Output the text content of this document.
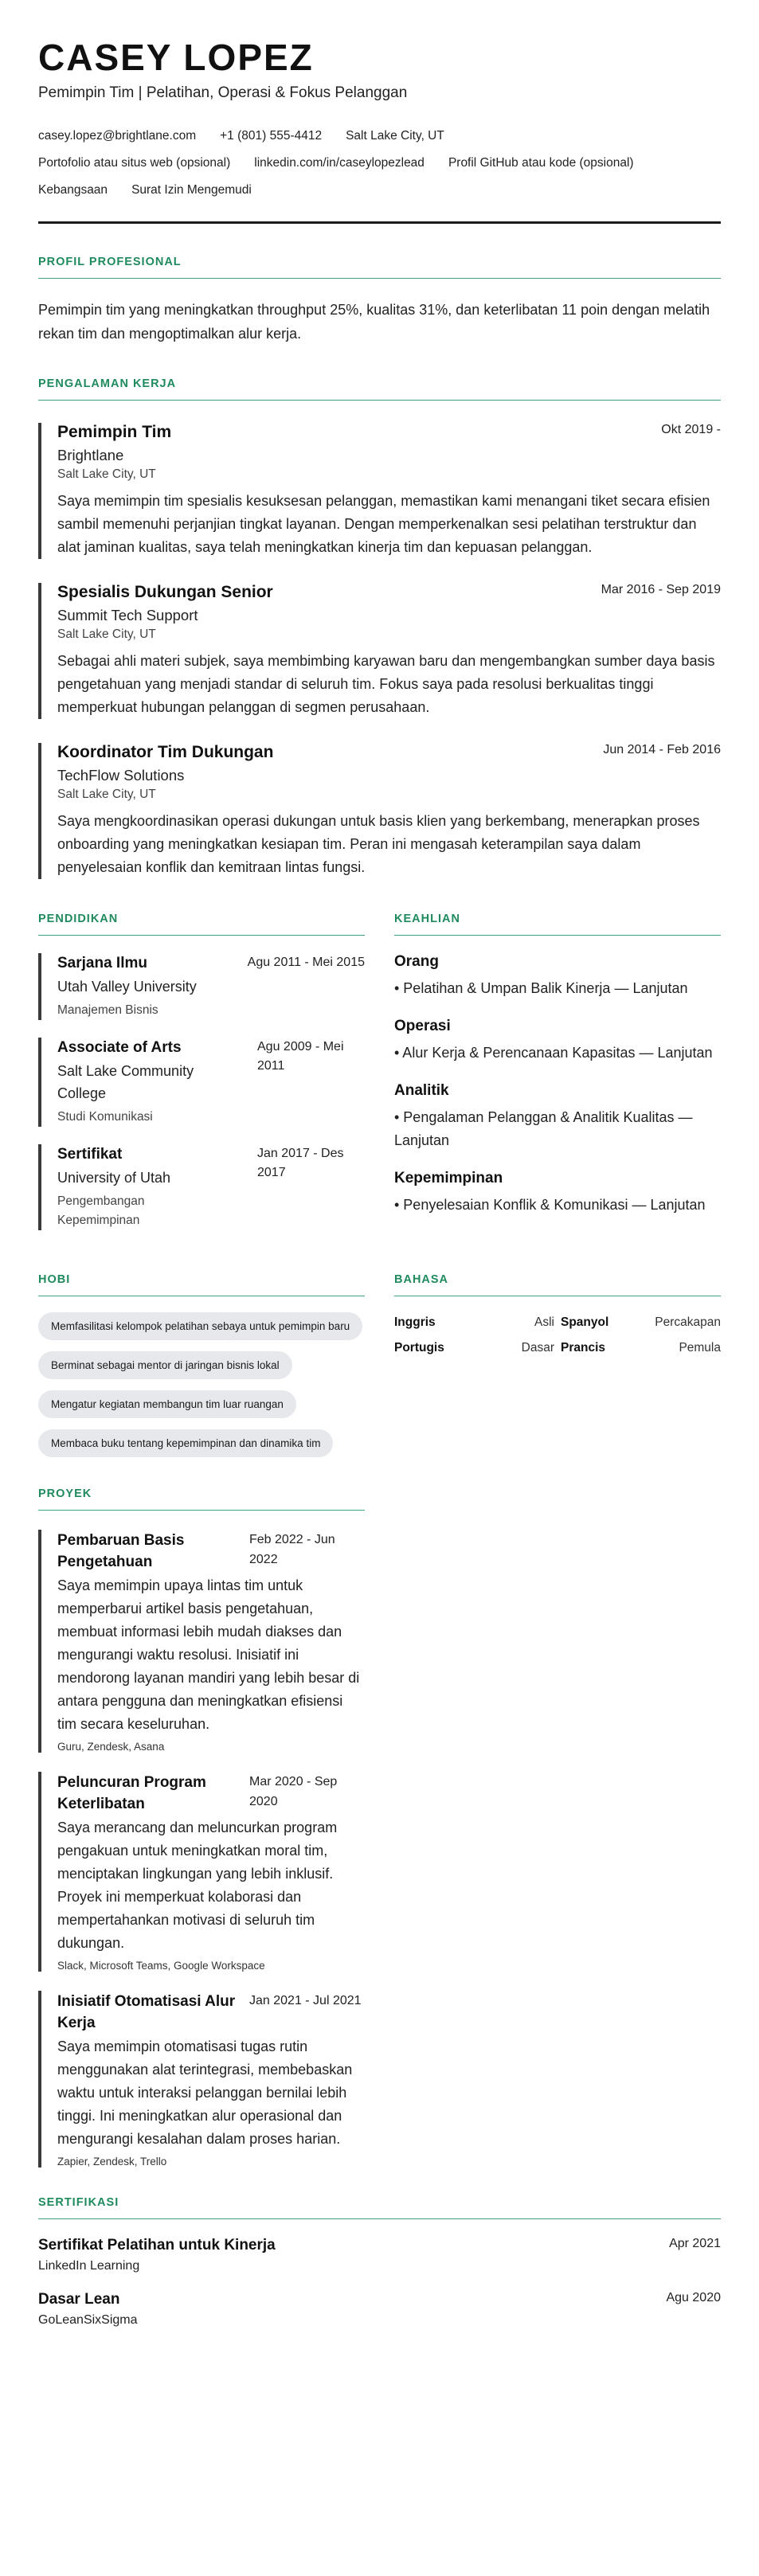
CASEY LOPEZ
Pemimpin Tim | Pelatihan, Operasi & Fokus Pelanggan
casey.lopez@brightlane.com +1 (801) 555-4412 Salt Lake City, UT
Portofolio atau situs web (opsional) linkedin.com/in/caseylopezlead Profil GitHub atau kode (opsional)
Kebangsaan Surat Izin Mengemudi
PROFIL PROFESIONAL

Pemimpin tim yang meningkatkan throughput 25%, kualitas 31%, dan keterlibatan 11 poin dengan melatih rekan tim dan mengoptimalkan alur kerja.

PENGALAMAN KERJA
Pemimpin Tim	Okt 2019 -
Brightlane
Salt Lake City, UT

Saya memimpin tim spesialis kesuksesan pelanggan, memastikan kami menangani tiket secara efisien sambil memenuhi perjanjian tingkat layanan. Dengan memperkenalkan sesi pelatihan terstruktur dan alat jaminan kualitas, saya telah meningkatkan kinerja tim dan kepuasan pelanggan.

Spesialis Dukungan Senior	Mar 2016 - Sep 2019
Summit Tech Support
Salt Lake City, UT

Sebagai ahli materi subjek, saya membimbing karyawan baru dan mengembangkan sumber daya basis pengetahuan yang menjadi standar di seluruh tim. Fokus saya pada resolusi berkualitas tinggi memperkuat hubungan pelanggan di segmen perusahaan.

Koordinator Tim Dukungan	Jun 2014 - Feb 2016
TechFlow Solutions
Salt Lake City, UT

Saya mengkoordinasikan operasi dukungan untuk basis klien yang berkembang, menerapkan proses onboarding yang meningkatkan kesiapan tim. Peran ini mengasah keterampilan saya dalam penyelesaian konflik dan kemitraan lintas fungsi.

PENDIDIKAN
Sarjana Ilmu	Agu 2011 - Mei 2015
Utah Valley University
Manajemen Bisnis
Associate of Arts
Salt Lake Community College
Agu 2009 - Mei 2011
Studi Komunikasi
Sertifikat
University of Utah
Pengembangan Kepemimpinan
Jan 2017 - Des 2017
KEAHLIAN
Orang
• Pelatihan & Umpan Balik Kinerja — Lanjutan
Operasi
• Alur Kerja & Perencanaan Kapasitas — Lanjutan
Analitik
• Pengalaman Pelanggan & Analitik Kualitas — Lanjutan
Kepemimpinan
• Penyelesaian Konflik & Komunikasi — Lanjutan
HOBI
Memfasilitasi kelompok pelatihan sebaya untuk pemimpin baru
Berminat sebagai mentor di jaringan bisnis lokal
Mengatur kegiatan membangun tim luar ruangan
Membaca buku tentang kepemimpinan dan dinamika tim
BAHASA
Inggris	Asli Spanyol	Percakapan
Portugis	Dasar Prancis	Pemula
PROYEK
Pembaruan Basis Pengetahuan
Feb 2022 - Jun 2022

Saya memimpin upaya lintas tim untuk memperbarui artikel basis pengetahuan, membuat informasi lebih mudah diakses dan mengurangi waktu resolusi. Inisiatif ini mendorong layanan mandiri yang lebih besar di antara pengguna dan meningkatkan efisiensi tim secara keseluruhan.

Guru, Zendesk, Asana
Peluncuran Program Keterlibatan
Mar 2020 - Sep 2020

Saya merancang dan meluncurkan program pengakuan untuk meningkatkan moral tim, menciptakan lingkungan yang lebih inklusif. Proyek ini memperkuat kolaborasi dan mempertahankan motivasi di seluruh tim dukungan.

Slack, Microsoft Teams, Google Workspace
Inisiatif Otomatisasi Alur Kerja
Jan 2021 - Jul 2021

Saya memimpin otomatisasi tugas rutin menggunakan alat terintegrasi, membebaskan waktu untuk interaksi pelanggan bernilai lebih tinggi. Ini meningkatkan alur operasional dan mengurangi kesalahan dalam proses harian.

Zapier, Zendesk, Trello
SERTIFIKASI
Sertifikat Pelatihan untuk Kinerja	Apr 2021
LinkedIn Learning
Dasar Lean	Agu 2020
GoLeanSixSigma
